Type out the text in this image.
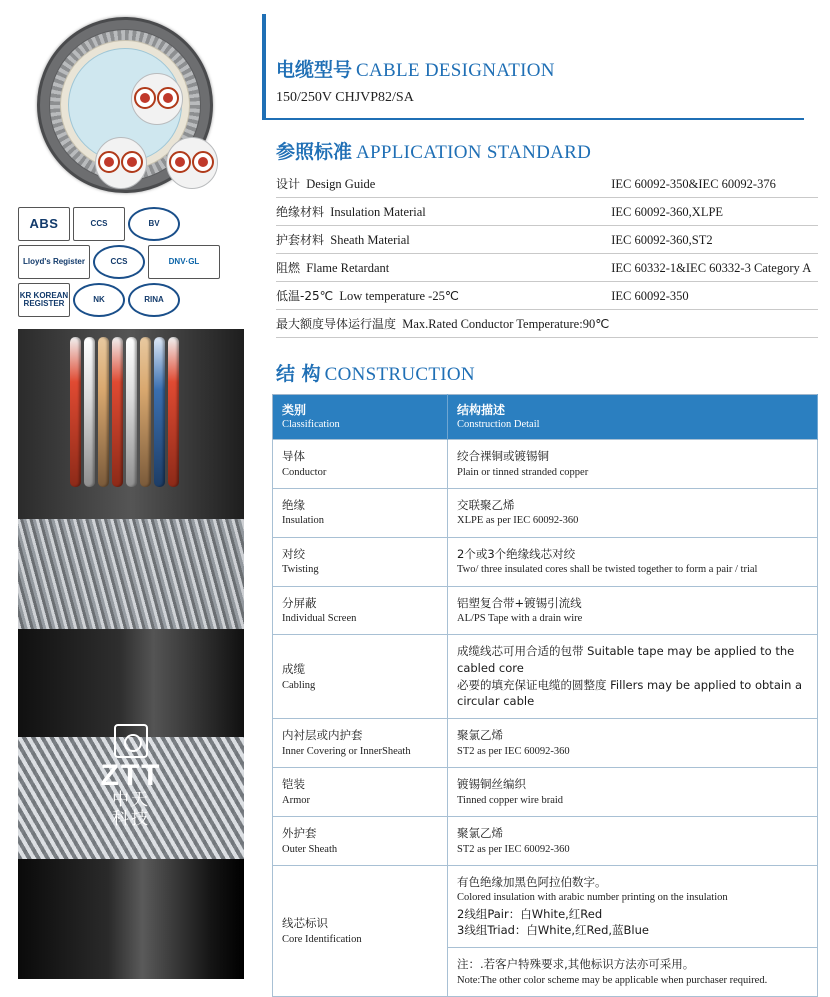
ABS	CCS	BV
Lloyd's Register	CCS	DNV·GL
KR KOREAN REGISTER	NK	RINA
ZTT
中天
科技
电缆型号 CABLE DESIGNATION
150/250V CHJVP82/SA
参照标准 APPLICATION STANDARD
设计 Design Guide	IEC 60092-350&IEC 60092-376
绝缘材料 Insulation Material	IEC 60092-360,XLPE
护套材料 Sheath Material	IEC 60092-360,ST2
阻燃 Flame Retardant	IEC 60332-1&IEC 60332-3 Category A
低温-25℃ Low temperature -25℃	IEC 60092-350
最大额度导体运行温度 Max.Rated Conductor Temperature:90℃	
结 构 CONSTRUCTION
类别
Classification	结构描述
Construction Detail

导体
Conductor	绞合裸铜或镀锡铜
Plain or tinned stranded copper

绝缘
Insulation	交联聚乙烯
XLPE as per IEC 60092-360

对绞
Twisting	2个或3个绝缘线芯对绞
Two/ three insulated cores shall be twisted together to form a pair / trial

分屏蔽
Individual Screen	铝塑复合带+镀锡引流线
AL/PS Tape with a drain wire

成缆
Cabling	成缆线芯可用合适的包带 Suitable tape may be applied to the cabled core
必要的填充保证电缆的圆整度 Fillers may be applied to obtain a circular cable

内衬层或内护套
Inner Covering or InnerSheath	聚氯乙烯
ST2 as per IEC 60092-360

铠装
Armor	镀锡铜丝编织
Tinned copper wire braid

外护套
Outer Sheath	聚氯乙烯
ST2 as per IEC 60092-360

线芯标识
Core Identification	有色绝缘加黑色阿拉伯数字。
Colored insulation with arabic number printing on the insulation
2线组Pair：白White,红Red
3线组Triad：白White,红Red,蓝Blue

	注：.若客户特殊要求,其他标识方法亦可采用。
Note:The other color scheme may be applicable when purchaser required.
